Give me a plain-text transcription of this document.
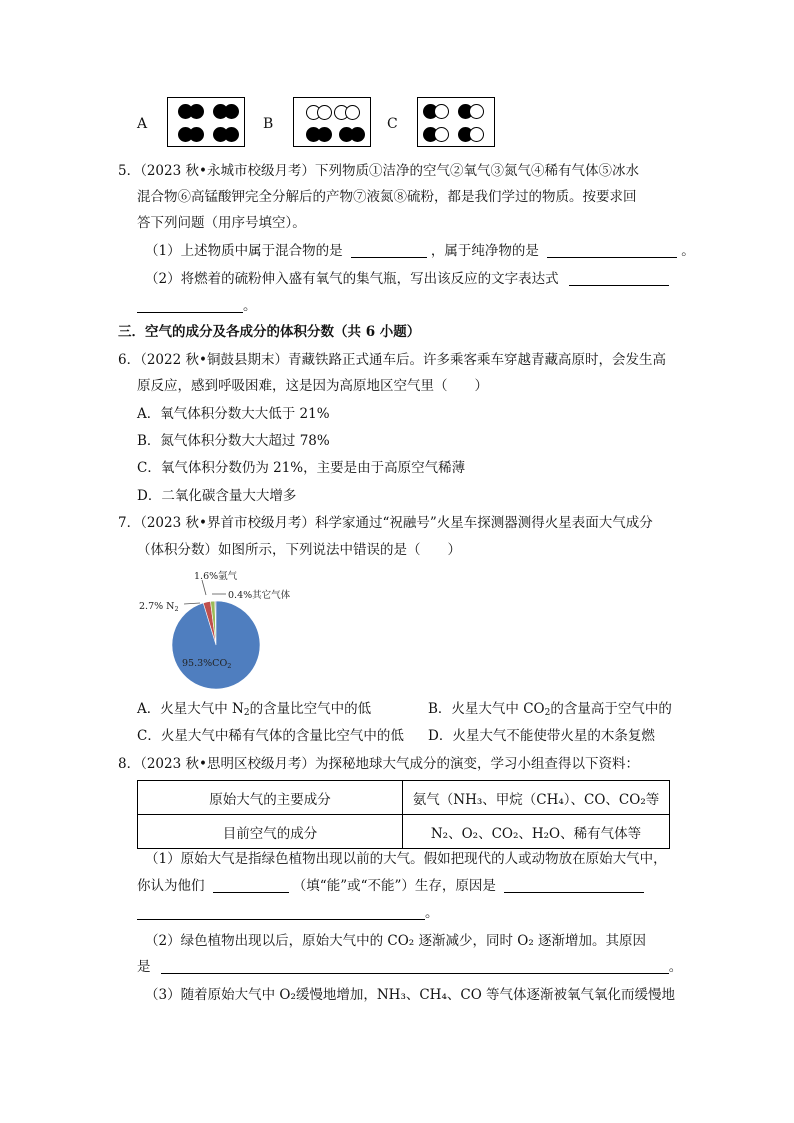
A	B	C
5．（2023 秋•永城市校级月考）下列物质①洁净的空气②氧气③氮气④稀有气体⑤冰水
混合物⑥高锰酸钾完全分解后的产物⑦液氮⑧硫粉，都是我们学过的物质。按要求回
答下列问题（用序号填空）。
（1）上述物质中属于混合物的是	，属于纯净物的是	。
（2）将燃着的硫粉伸入盛有氧气的集气瓶，写出该反应的文字表达式
。
三．空气的成分及各成分的体积分数（共 6 小题）
6．（2022 秋•铜鼓县期末）青藏铁路正式通车后。许多乘客乘车穿越青藏高原时，会发生高
原反应，感到呼吸困难，这是因为高原地区空气里（　　）
A．氧气体积分数大大低于 21%
B．氮气体积分数大大超过 78%
C．氧气体积分数仍为 21%，主要是由于高原空气稀薄
D．二氧化碳含量大大增多
7．（2023 秋•界首市校级月考）科学家通过“祝融号”火星车探测器测得火星表面大气成分
（体积分数）如图所示，下列说法中错误的是（　　）
1.6%氩气
0.4%其它气体
2.7% $N_2$
$95.3\%CO_2$
A．火星大气中 $N_2$的含量比空气中的低	B．火星大气中 $CO_2$的含量高于空气中的
C．火星大气中稀有气体的含量比空气中的低 D．火星大气不能使带火星的木条复燃
8．（2023 秋•思明区校级月考）为探秘地球大气成分的演变，学习小组查得以下资料：
原始大气的主要成分	氨气（NH₃、甲烷（CH₄）、CO、CO₂等
目前空气的成分	N₂、O₂、CO₂、H₂O、稀有气体等
（1）原始大气是指绿色植物出现以前的大气。假如把现代的人或动物放在原始大气中，
你认为他们	（填“能”或“不能”）生存，原因是
。
（2）绿色植物出现以后，原始大气中的 CO₂ 逐渐减少，同时 O₂ 逐渐增加。其原因
是	。
（3）随着原始大气中 O₂缓慢地增加，NH₃、CH₄、CO 等气体逐渐被氧气氧化而缓慢地
